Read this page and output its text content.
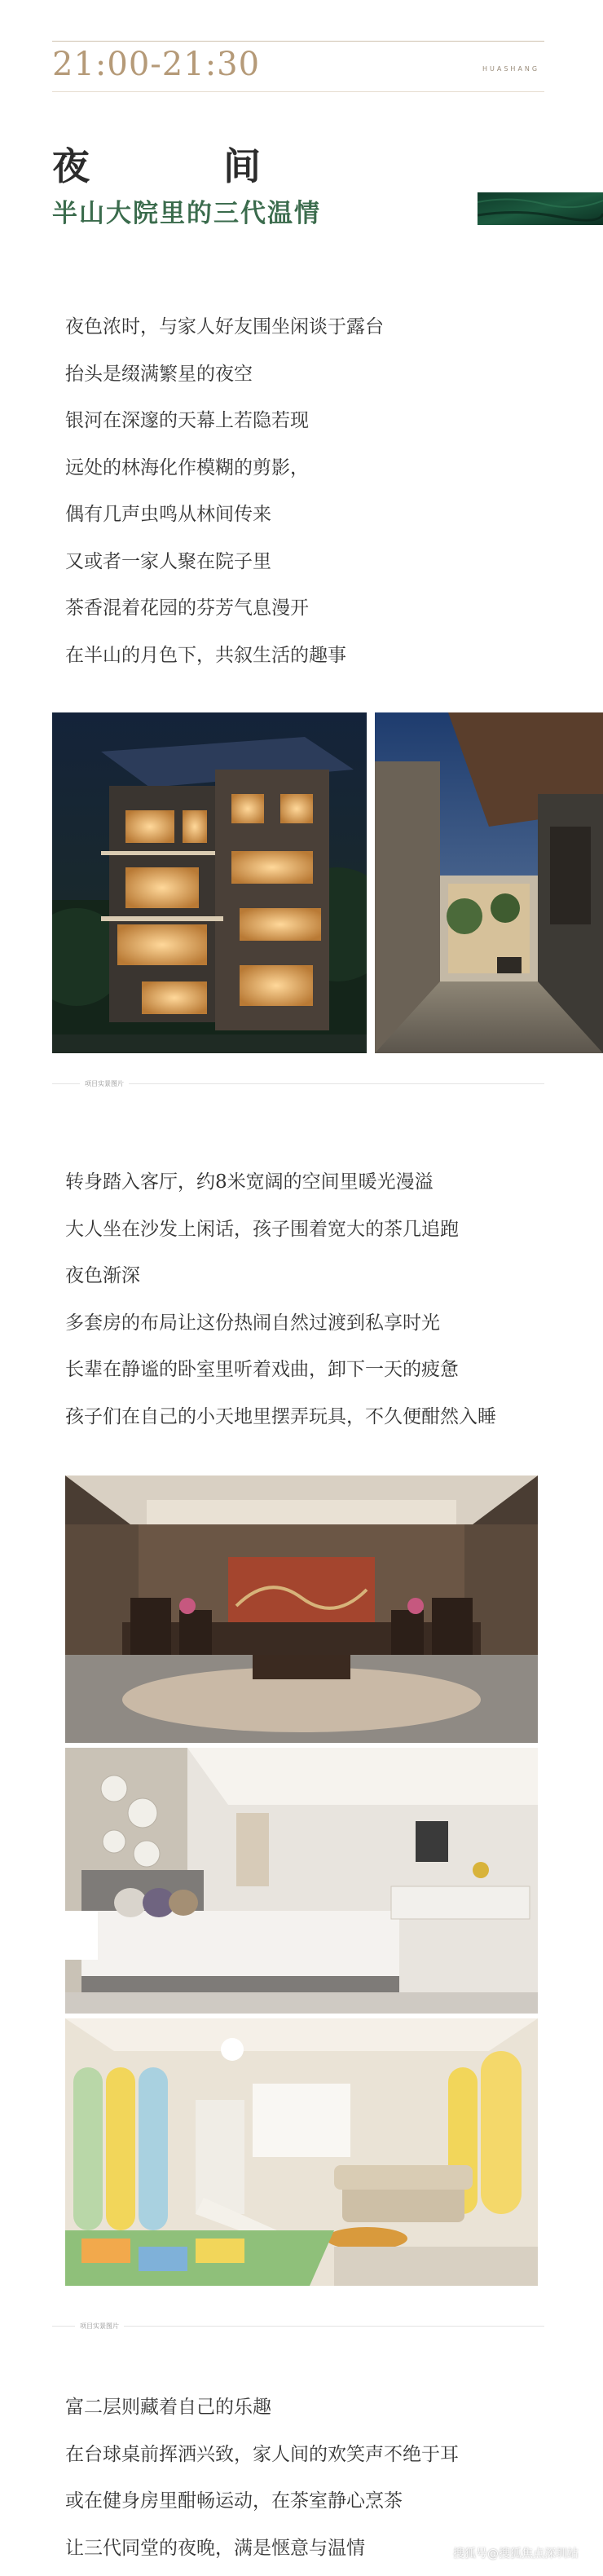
21:00-21:30	HUASHANG
夜	间
半山大院里的三代温情
夜色浓时，与家人好友围坐闲谈于露台
抬头是缀满繁星的夜空
银河在深邃的天幕上若隐若现
远处的林海化作模糊的剪影，
偶有几声虫鸣从林间传来
又或者一家人聚在院子里
茶香混着花园的芬芳气息漫开
在半山的月色下，共叙生活的趣事
项目实景图片
转身踏入客厅，约8米宽阔的空间里暖光漫溢
大人坐在沙发上闲话，孩子围着宽大的茶几追跑
夜色渐深
多套房的布局让这份热闹自然过渡到私享时光
长辈在静谧的卧室里听着戏曲，卸下一天的疲惫
孩子们在自己的小天地里摆弄玩具，不久便酣然入睡
项目实景图片
富二层则藏着自己的乐趣
在台球桌前挥洒兴致，家人间的欢笑声不绝于耳
或在健身房里酣畅运动，在茶室静心烹茶
让三代同堂的夜晚，满是惬意与温情	搜狐号@搜狐焦点深圳站
